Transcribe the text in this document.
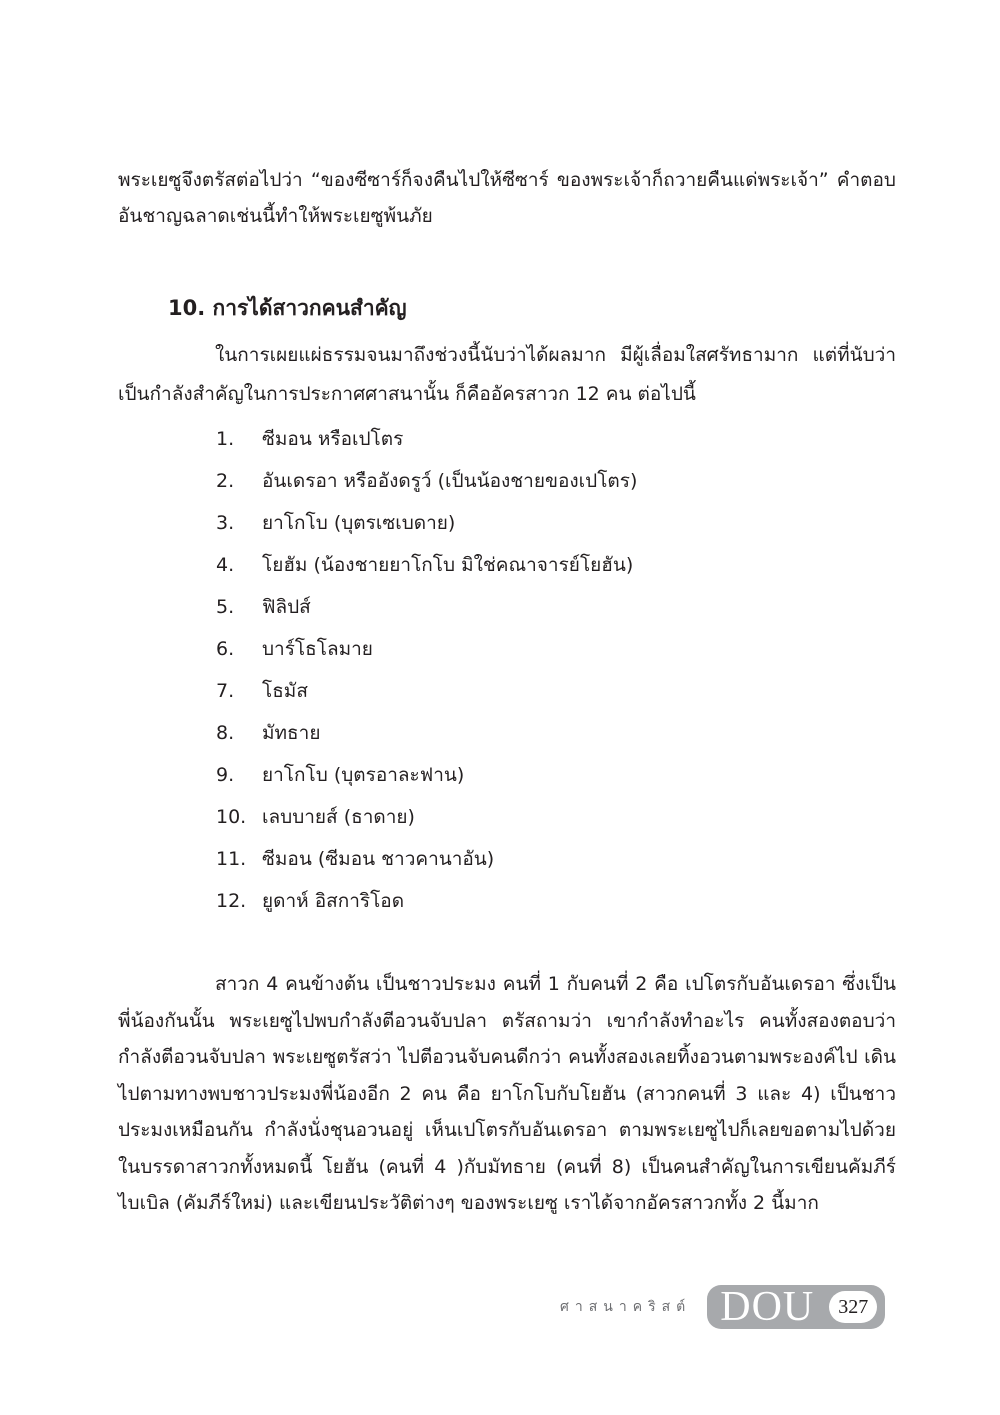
พระเยซูจึงตรัสต่อไปว่า “ของซีซาร์ก็จงคืนไปให้ซีซาร์ ของพระเจ้าก็ถวายคืนแด่พระเจ้า” คำตอบอันชาญฉลาดเช่นนี้ทำให้พระเยซูพ้นภัย

10. การได้สาวกคนสำคัญ

ในการเผยแผ่ธรรมจนมาถึงช่วงนี้นับว่าได้ผลมาก มีผู้เลื่อมใสศรัทธามาก แต่ที่นับว่าเป็นกำลังสำคัญในการประกาศศาสนานั้น ก็คืออัครสาวก 12 คน ต่อไปนี้

1. ซีมอน หรือเปโตร
2. อันเดรอา หรืออังดรูว์ (เป็นน้องชายของเปโตร)
3. ยาโกโบ (บุตรเซเบดาย)
4. โยฮัม (น้องชายยาโกโบ มิใช่คณาจารย์โยฮัน)
5. ฟิลิปส์
6. บาร์โธโลมาย
7. โธมัส
8. มัทธาย
9. ยาโกโบ (บุตรอาละฟาน)
10. เลบบายส์ (ธาดาย)
11. ซีมอน (ซีมอน ชาวคานาอัน)
12. ยูดาห์ อิสการิโอด

สาวก 4 คนข้างต้น เป็นชาวประมง คนที่ 1 กับคนที่ 2 คือ เปโตรกับอันเดรอา ซึ่งเป็นพี่น้องกันนั้น พระเยซูไปพบกำลังตีอวนจับปลา ตรัสถามว่า เขากำลังทำอะไร คนทั้งสองตอบว่ากำลังตีอวนจับปลา พระเยซูตรัสว่า ไปตีอวนจับคนดีกว่า คนทั้งสองเลยทิ้งอวนตามพระองค์ไป เดินไปตามทางพบชาวประมงพี่น้องอีก 2 คน คือ ยาโกโบกับโยฮัน (สาวกคนที่ 3 และ 4) เป็นชาวประมงเหมือนกัน กำลังนั่งชุนอวนอยู่ เห็นเปโตรกับอันเดรอา ตามพระเยซูไปก็เลยขอตามไปด้วย ในบรรดาสาวกทั้งหมดนี้ โยฮัน (คนที่ 4 )กับมัทธาย (คนที่ 8) เป็นคนสำคัญในการเขียนคัมภีร์ไบเบิล (คัมภีร์ใหม่) และเขียนประวัติต่างๆ ของพระเยซู เราได้จากอัครสาวกทั้ง 2 นี้มาก

ศาสนาคริสต์ DOU	327
